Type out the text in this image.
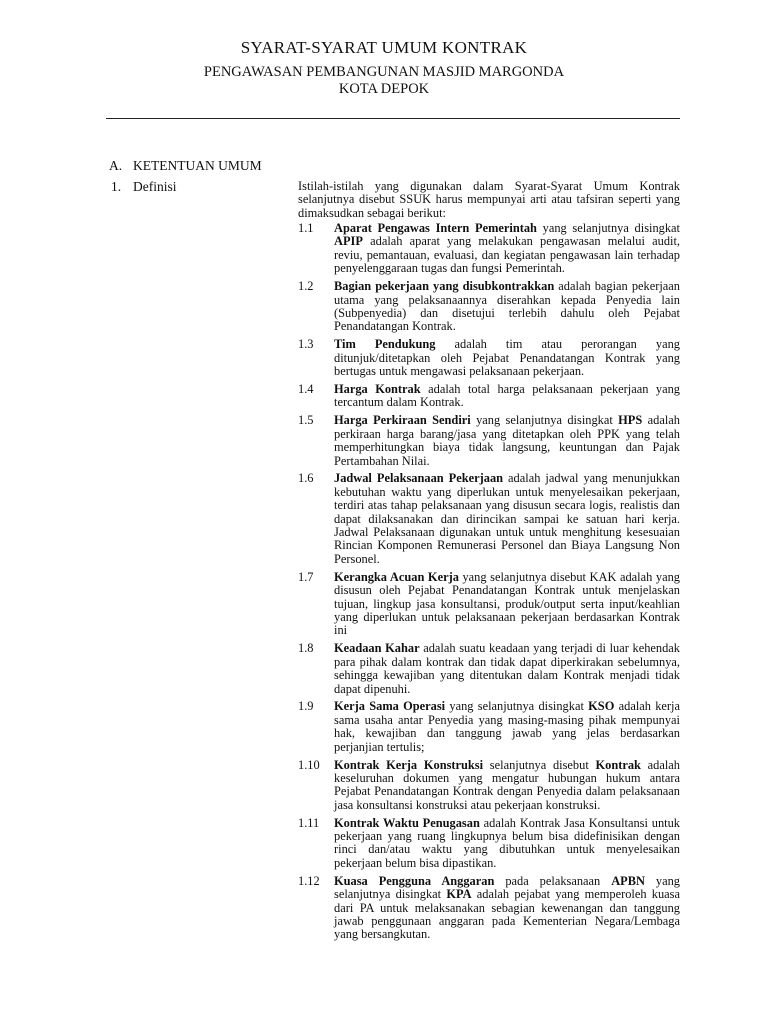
SYARAT-SYARAT UMUM KONTRAK
PENGAWASAN PEMBANGUNAN MASJID MARGONDA
KOTA DEPOK
A. KETENTUAN UMUM
1. Definisi	Istilah-istilah yang digunakan dalam Syarat-Syarat Umum Kontrak selanjutnya disebut SSUK harus mempunyai arti atau tafsiran seperti yang dimaksudkan sebagai berikut:
1.1	Aparat Pengawas Intern Pemerintah yang selanjutnya disingkat APIP adalah aparat yang melakukan pengawasan melalui audit, reviu, pemantauan, evaluasi, dan kegiatan pengawasan lain terhadap penyelenggaraan tugas dan fungsi Pemerintah.
1.2	Bagian pekerjaan yang disubkontrakkan adalah bagian pekerjaan utama yang pelaksanaannya diserahkan kepada Penyedia lain (Subpenyedia) dan disetujui terlebih dahulu oleh Pejabat Penandatangan Kontrak.
1.3	Tim Pendukung adalah tim atau perorangan yang ditunjuk/ditetapkan oleh Pejabat Penandatangan Kontrak yang bertugas untuk mengawasi pelaksanaan pekerjaan.
1.4	Harga Kontrak adalah total harga pelaksanaan pekerjaan yang tercantum dalam Kontrak.
1.5	Harga Perkiraan Sendiri yang selanjutnya disingkat HPS adalah perkiraan harga barang/jasa yang ditetapkan oleh PPK yang telah memperhitungkan biaya tidak langsung, keuntungan dan Pajak Pertambahan Nilai.
1.6	Jadwal Pelaksanaan Pekerjaan adalah jadwal yang menunjukkan kebutuhan waktu yang diperlukan untuk menyelesaikan pekerjaan, terdiri atas tahap pelaksanaan yang disusun secara logis, realistis dan dapat dilaksanakan dan dirincikan sampai ke satuan hari kerja. Jadwal Pelaksanaan digunakan untuk untuk menghitung kesesuaian Rincian Komponen Remunerasi Personel dan Biaya Langsung Non Personel.
1.7	Kerangka Acuan Kerja yang selanjutnya disebut KAK adalah yang disusun oleh Pejabat Penandatangan Kontrak untuk menjelaskan tujuan, lingkup jasa konsultansi, produk/output serta input/keahlian yang diperlukan untuk pelaksanaan pekerjaan berdasarkan Kontrak ini
1.8	Keadaan Kahar adalah suatu keadaan yang terjadi di luar kehendak para pihak dalam kontrak dan tidak dapat diperkirakan sebelumnya, sehingga kewajiban yang ditentukan dalam Kontrak menjadi tidak dapat dipenuhi.
1.9	Kerja Sama Operasi yang selanjutnya disingkat KSO adalah kerja sama usaha antar Penyedia yang masing-masing pihak mempunyai hak, kewajiban dan tanggung jawab yang jelas berdasarkan perjanjian tertulis;
1.10	Kontrak Kerja Konstruksi selanjutnya disebut Kontrak adalah keseluruhan dokumen yang mengatur hubungan hukum antara Pejabat Penandatangan Kontrak dengan Penyedia dalam pelaksanaan jasa konsultansi konstruksi atau pekerjaan konstruksi.
1.11	Kontrak Waktu Penugasan adalah Kontrak Jasa Konsultansi untuk pekerjaan yang ruang lingkupnya belum bisa didefinisikan dengan rinci dan/atau waktu yang dibutuhkan untuk menyelesaikan pekerjaan belum bisa dipastikan.
1.12	Kuasa Pengguna Anggaran pada pelaksanaan APBN yang selanjutnya disingkat KPA adalah pejabat yang memperoleh kuasa dari PA untuk melaksanakan sebagian kewenangan dan tanggung jawab penggunaan anggaran pada Kementerian Negara/Lembaga yang bersangkutan.
